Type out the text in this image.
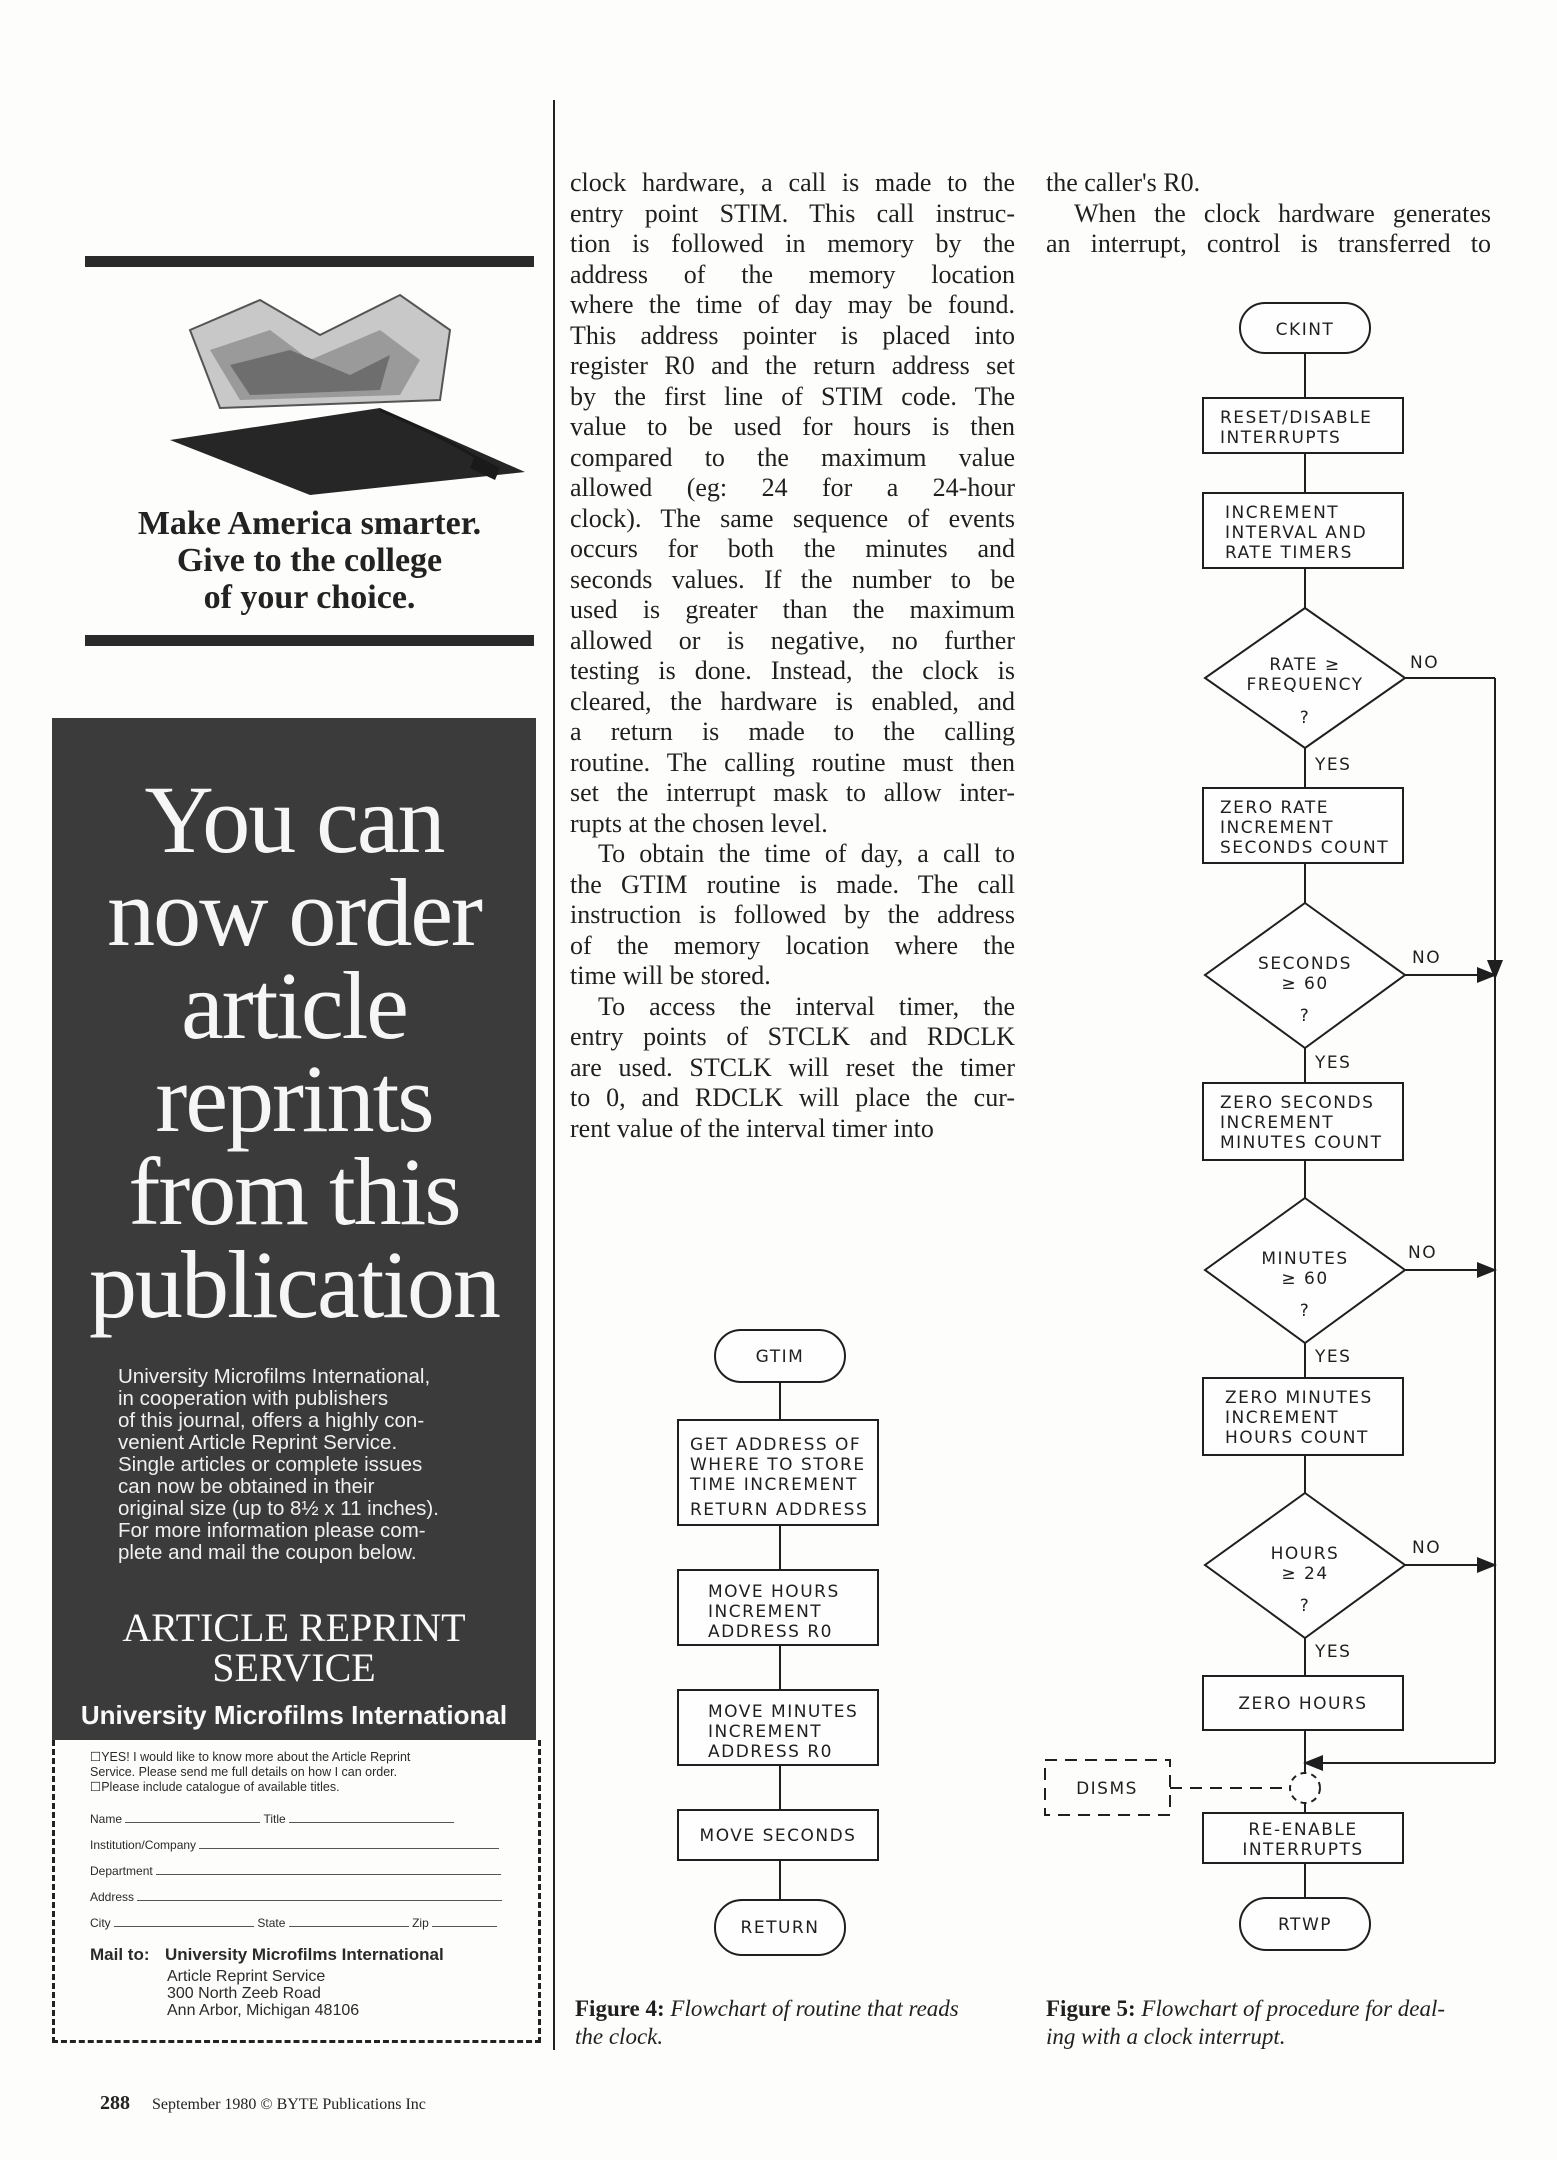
Make America smarter.
Give to the college
of your choice.
You can
now order
article
reprints
from this
publication
University Microfilms International,
in cooperation with publishers
of this journal, offers a highly con-
venient Article Reprint Service.
Single articles or complete issues
can now be obtained in their
original size (up to 8½ x 11 inches).
For more information please com-
plete and mail the coupon below.
ARTICLE REPRINT
SERVICE
University Microfilms International
☐YES! I would like to know more about the Article Reprint
Service. Please send me full details on how I can order.
☐Please include catalogue of available titles.
Name	Title
Institution/Company
Department
Address
City	State	Zip
Mail to: University Microfilms International
Article Reprint Service
300 North Zeeb Road
Ann Arbor, Michigan 48106
clock hardware, a call is made to the
entry point STIM. This call instruc-
tion is followed in memory by the
address of the memory location
where the time of day may be found.
This address pointer is placed into
register R0 and the return address set
by the first line of STIM code. The
value to be used for hours is then
compared to the maximum value
allowed (eg: 24 for a 24-hour
clock). The same sequence of events
occurs for both the minutes and
seconds values. If the number to be
used is greater than the maximum
allowed or is negative, no further
testing is done. Instead, the clock is
cleared, the hardware is enabled, and
a return is made to the calling
routine. The calling routine must then
set the interrupt mask to allow inter-
rupts at the chosen level.
To obtain the time of day, a call to
the GTIM routine is made. The call
instruction is followed by the address
of the memory location where the
time will be stored.
To access the interval timer, the
entry points of STCLK and RDCLK
are used. STCLK will reset the timer
to 0, and RDCLK will place the cur-
rent value of the interval timer into
the caller's R0.
When the clock hardware generates
an interrupt, control is transferred to
GTIM
GET ADDRESS OF
WHERE TO STORE
TIME INCREMENT
RETURN ADDRESS
MOVE HOURS
INCREMENT
ADDRESS R0
MOVE MINUTES
INCREMENT
ADDRESS R0
MOVE SECONDS
RETURN
Figure 4: Flowchart of routine that reads
the clock.
DISMS
CKINT
RESET/DISABLE
INTERRUPTS
INCREMENT
INTERVAL AND
RATE TIMERS
RATE ≥
FREQUENCY
?
YES
NO
ZERO RATE
INCREMENT
SECONDS COUNT
SECONDS
≥ 60
?
YES
NO
ZERO SECONDS
INCREMENT
MINUTES COUNT
MINUTES
≥ 60
?
YES
NO
ZERO MINUTES
INCREMENT
HOURS COUNT
HOURS
≥ 24
?
YES
NO
ZERO HOURS
RE-ENABLE
INTERRUPTS
RTWP
Figure 5: Flowchart of procedure for deal-
ing with a clock interrupt.
288 September 1980 © BYTE Publications Inc
